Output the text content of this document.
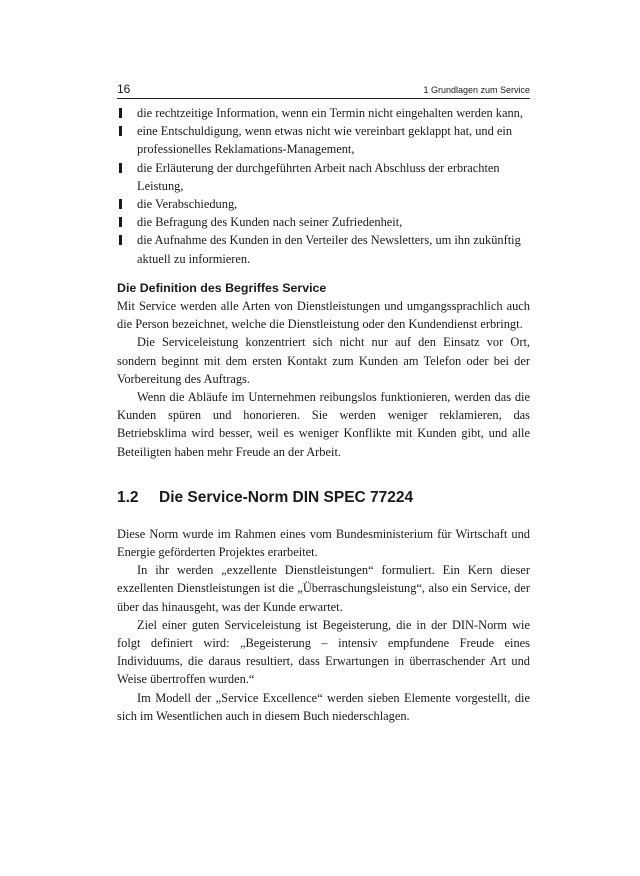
16	1 Grundlagen zum Service
die rechtzeitige Information, wenn ein Termin nicht eingehalten werden kann,
eine Entschuldigung, wenn etwas nicht wie vereinbart geklappt hat, und ein professionelles Reklamations-Management,
die Erläuterung der durchgeführten Arbeit nach Abschluss der erbrachten Leistung,
die Verabschiedung,
die Befragung des Kunden nach seiner Zufriedenheit,
die Aufnahme des Kunden in den Verteiler des Newsletters, um ihn zukünftig aktuell zu informieren.
Die Definition des Begriffes Service

Mit Service werden alle Arten von Dienstleistungen und umgangssprachlich auch die Person bezeichnet, welche die Dienstleistung oder den Kundendienst erbringt.

Die Serviceleistung konzentriert sich nicht nur auf den Einsatz vor Ort, sondern beginnt mit dem ersten Kontakt zum Kunden am Telefon oder bei der Vorbereitung des Auftrags.

Wenn die Abläufe im Unternehmen reibungslos funktionieren, werden das die Kunden spüren und honorieren. Sie werden weniger reklamieren, das Betriebsklima wird besser, weil es weniger Konflikte mit Kunden gibt, und alle Beteiligten haben mehr Freude an der Arbeit.

1.2 Die Service-Norm DIN SPEC 77224

Diese Norm wurde im Rahmen eines vom Bundesministerium für Wirtschaft und Energie geförderten Projektes erarbeitet.

In ihr werden „exzellente Dienstleistungen“ formuliert. Ein Kern dieser exzellenten Dienstleistungen ist die „Überraschungsleistung“, also ein Service, der über das hinausgeht, was der Kunde erwartet.

Ziel einer guten Serviceleistung ist Begeisterung, die in der DIN-Norm wie folgt definiert wird: „Begeisterung – intensiv empfundene Freude eines Individuums, die daraus resultiert, dass Erwartungen in überraschender Art und Weise übertroffen wurden.“

Im Modell der „Service Excellence“ werden sieben Elemente vorgestellt, die sich im Wesentlichen auch in diesem Buch niederschlagen.
